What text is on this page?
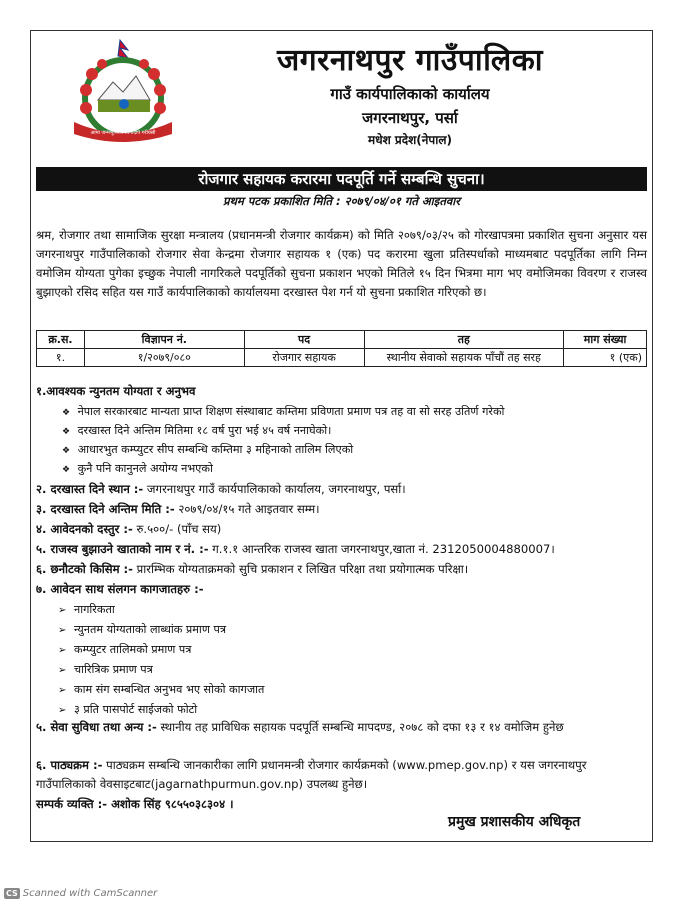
आमा जन्मभूमिश्च स्वर्गादपि गरीयसी
जगरनाथपुर गाउँपालिका
गाउँ कार्यपालिकाको कार्यालय
जगरनाथपुर, पर्सा
मधेश प्रदेश(नेपाल)
रोजगार सहायक करारमा पदपूर्ति गर्ने सम्बन्धि सुचना।
प्रथम पटक प्रकाशित मिति : २०७९/०४/०१ गते आइतवार

श्रम, रोजगार तथा सामाजिक सुरक्षा मन्त्रालय (प्रधानमन्त्री रोजगार कार्यक्रम) को मिति २०७९/०३/२५ को गोरखापत्रमा प्रकाशित सुचना अनुसार यस जगरनाथपुर गाउँपालिकाको रोजगार सेवा केन्द्रमा रोजगार सहायक १ (एक) पद करारमा खुला प्रतिस्पर्धाको माध्यमबाट पदपूर्तिका लागि निम्न वमोजिम योग्यता पुगेका इच्छुक नेपाली नागरिकले पदपूर्तिको सुचना प्रकाशन भएको मितिले १५ दिन भित्रमा माग भए वमोजिमका विवरण र राजस्व बुझाएको रसिद सहित यस गाउँ कार्यपालिकाको कार्यालयमा दरखास्त पेश गर्न यो सुचना प्रकाशित गरिएको छ।

क्र.स.	विज्ञापन नं.	पद	तह	माग संख्या
१.	१/२०७९/०८०	रोजगार सहायक	स्थानीय सेवाको सहायक पाँचौं तह सरह	१ (एक)
१.आवश्यक न्युनतम योग्यता र अनुभव
❖ नेपाल सरकारबाट मान्यता प्राप्त शिक्षण संस्थाबाट कम्तिमा प्रविणता प्रमाण पत्र तह वा सो सरह उतिर्ण गरेको
❖ दरखास्त दिने अन्तिम मितिमा १८ वर्ष पुरा भई ४५ वर्ष ननाघेको।
❖ आधारभुत कम्प्युटर सीप सम्बन्धि कम्तिमा ३ महिनाको तालिम लिएको
❖ कुनै पनि कानुनले अयोग्य नभएको
२. दरखास्त दिने स्थान :- जगरनाथपुर गाउँ कार्यपालिकाको कार्यालय, जगरनाथपुर, पर्सा।
३. दरखास्त दिने अन्तिम मिति :- २०७९/०४/१५ गते आइतवार सम्म।
४. आवेदनको दस्तुर :- रु.५००/- (पाँच सय)
५. राजस्व बुझाउने खाताको नाम र नं. :- ग.१.१ आन्तरिक राजस्व खाता जगरनाथपुर,खाता नं. 2312050004880007।
६. छनौटको किसिम :- प्रारम्भिक योग्यताक्रमको सुचि प्रकाशन र लिखित परिक्षा तथा प्रयोगात्मक परिक्षा।
७. आवेदन साथ संलगन कागजातहरु :-
➢ नागरिकता
➢ न्युनतम योग्यताको लाब्धांक प्रमाण पत्र
➢ कम्प्युटर तालिमको प्रमाण पत्र
➢ चारित्रिक प्रमाण पत्र
➢ काम संग सम्बन्धित अनुभव भए सोको कागजात
➢ ३ प्रति पासपोर्ट साईजको फोटो

५. सेवा सुविधा तथा अन्य :- स्थानीय तह प्राविधिक सहायक पदपूर्ति सम्बन्धि मापदण्ड, २०७८ को दफा १३ र १४ वमोजिम हुनेछ

६. पाठ्यक्रम :- पाठ्यक्रम सम्बन्धि जानकारीका लागि प्रधानमन्त्री रोजगार कार्यक्रमको (www.pmep.gov.np) र यस जगरनाथपुर गाउँपालिकाको वेवसाइटबाट(jagarnathpurmun.gov.np) उपलब्ध हुनेछ।

सम्पर्क व्यक्ति :- अशोक सिंह ९८५५०३८३०४ ।
प्रमुख प्रशासकीय अधिकृत
CS Scanned with CamScanner
